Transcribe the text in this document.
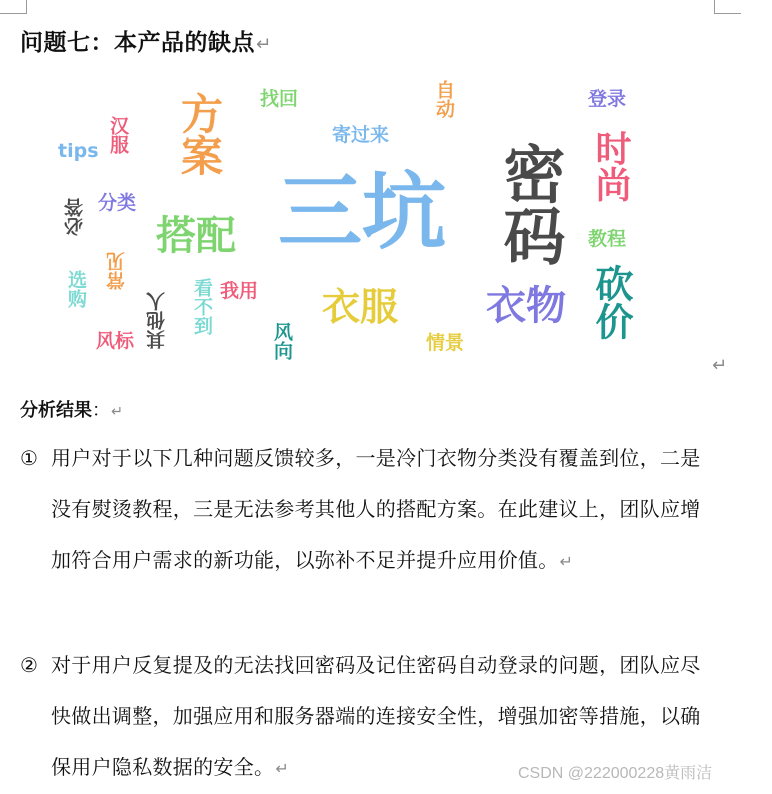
问题七：本产品的缺点↵
三坑 密码
方案
搭配
衣服 衣物
时尚
砍价
找回	自动	登录
寄过来
tips 汉服
分类
必答
常见
选购
风标
看不到 我用
其他人	风向	情景
教程
↵
分析结果：↵
① 用户对于以下几种问题反馈较多，一是冷门衣物分类没有覆盖到位，二是没有熨烫教程，三是无法参考其他人的搭配方案。在此建议上，团队应增加符合用户需求的新功能，以弥补不足并提升应用价值。↵
② 对于用户反复提及的无法找回密码及记住密码自动登录的问题，团队应尽快做出调整，加强应用和服务器端的连接安全性，增强加密等措施，以确保用户隐私数据的安全。↵	CSDN @222000228黄雨洁
